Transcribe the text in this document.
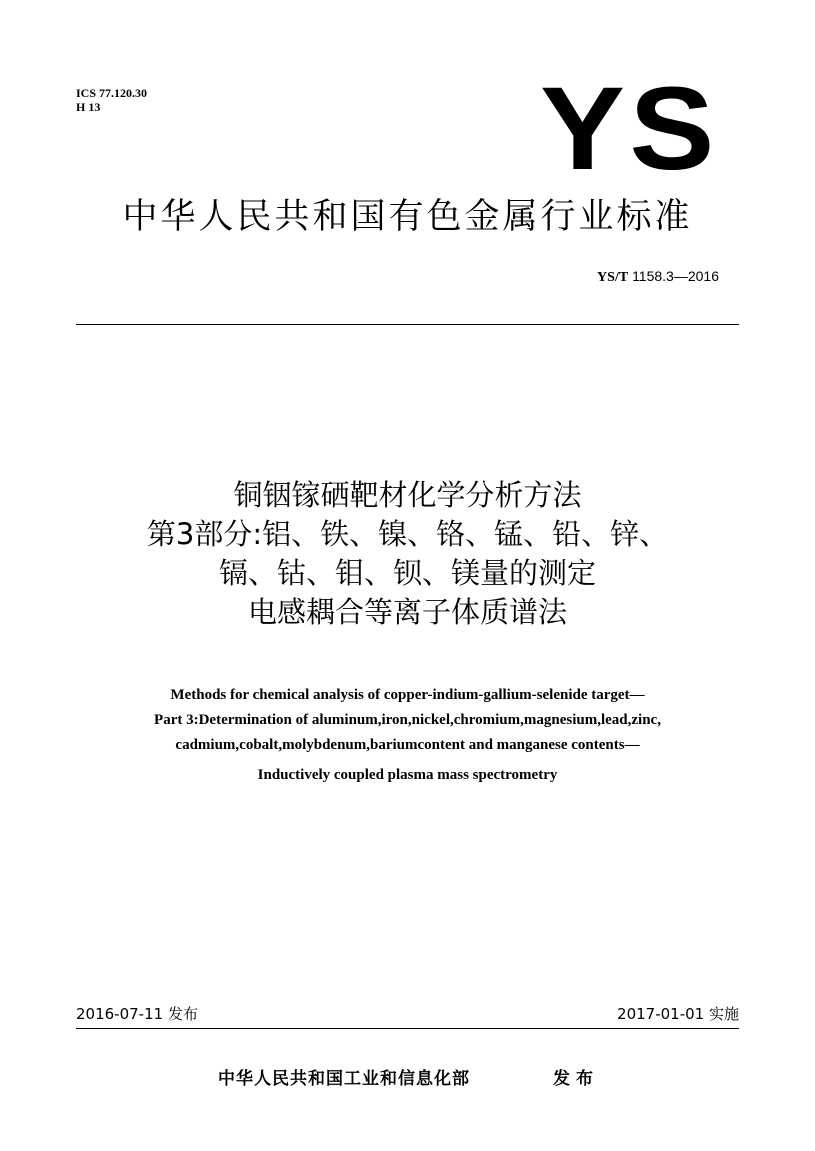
ICS 77.120.30
H 13	YS
中华人民共和国有色金属行业标准
YS/T 1158.3—2016
铜铟镓硒靶材化学分析方法
第3部分:铝、铁、镍、铬、锰、铅、锌、
镉、钴、钼、钡、镁量的测定
电感耦合等离子体质谱法
Methods for chemical analysis of copper-indium-gallium-selenide target—
Part 3:Determination of aluminum,iron,nickel,chromium,magnesium,lead,zinc,
cadmium,cobalt,molybdenum,bariumcontent and manganese contents—
Inductively coupled plasma mass spectrometry
2016-07-11 发布	2017-01-01 实施
中华人民共和国工业和信息化部	发布
